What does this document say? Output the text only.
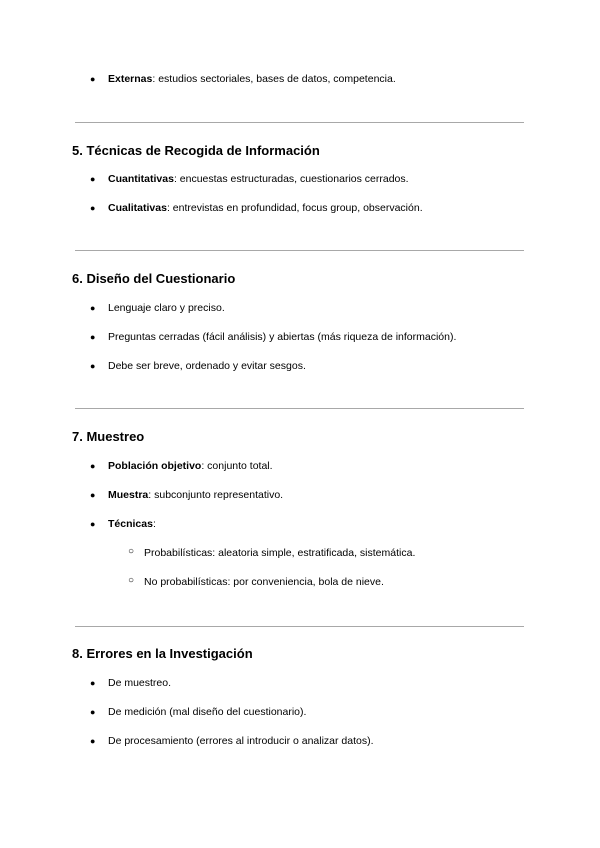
● Externas: estudios sectoriales, bases de datos, competencia.
5. Técnicas de Recogida de Información
● Cuantitativas: encuestas estructuradas, cuestionarios cerrados.
● Cualitativas: entrevistas en profundidad, focus group, observación.
6. Diseño del Cuestionario
● Lenguaje claro y preciso.
● Preguntas cerradas (fácil análisis) y abiertas (más riqueza de información).
● Debe ser breve, ordenado y evitar sesgos.
7. Muestreo
● Población objetivo: conjunto total.
● Muestra: subconjunto representativo.
● Técnicas:
○ Probabilísticas: aleatoria simple, estratificada, sistemática.
○ No probabilísticas: por conveniencia, bola de nieve.
8. Errores en la Investigación
● De muestreo.
● De medición (mal diseño del cuestionario).
● De procesamiento (errores al introducir o analizar datos).
